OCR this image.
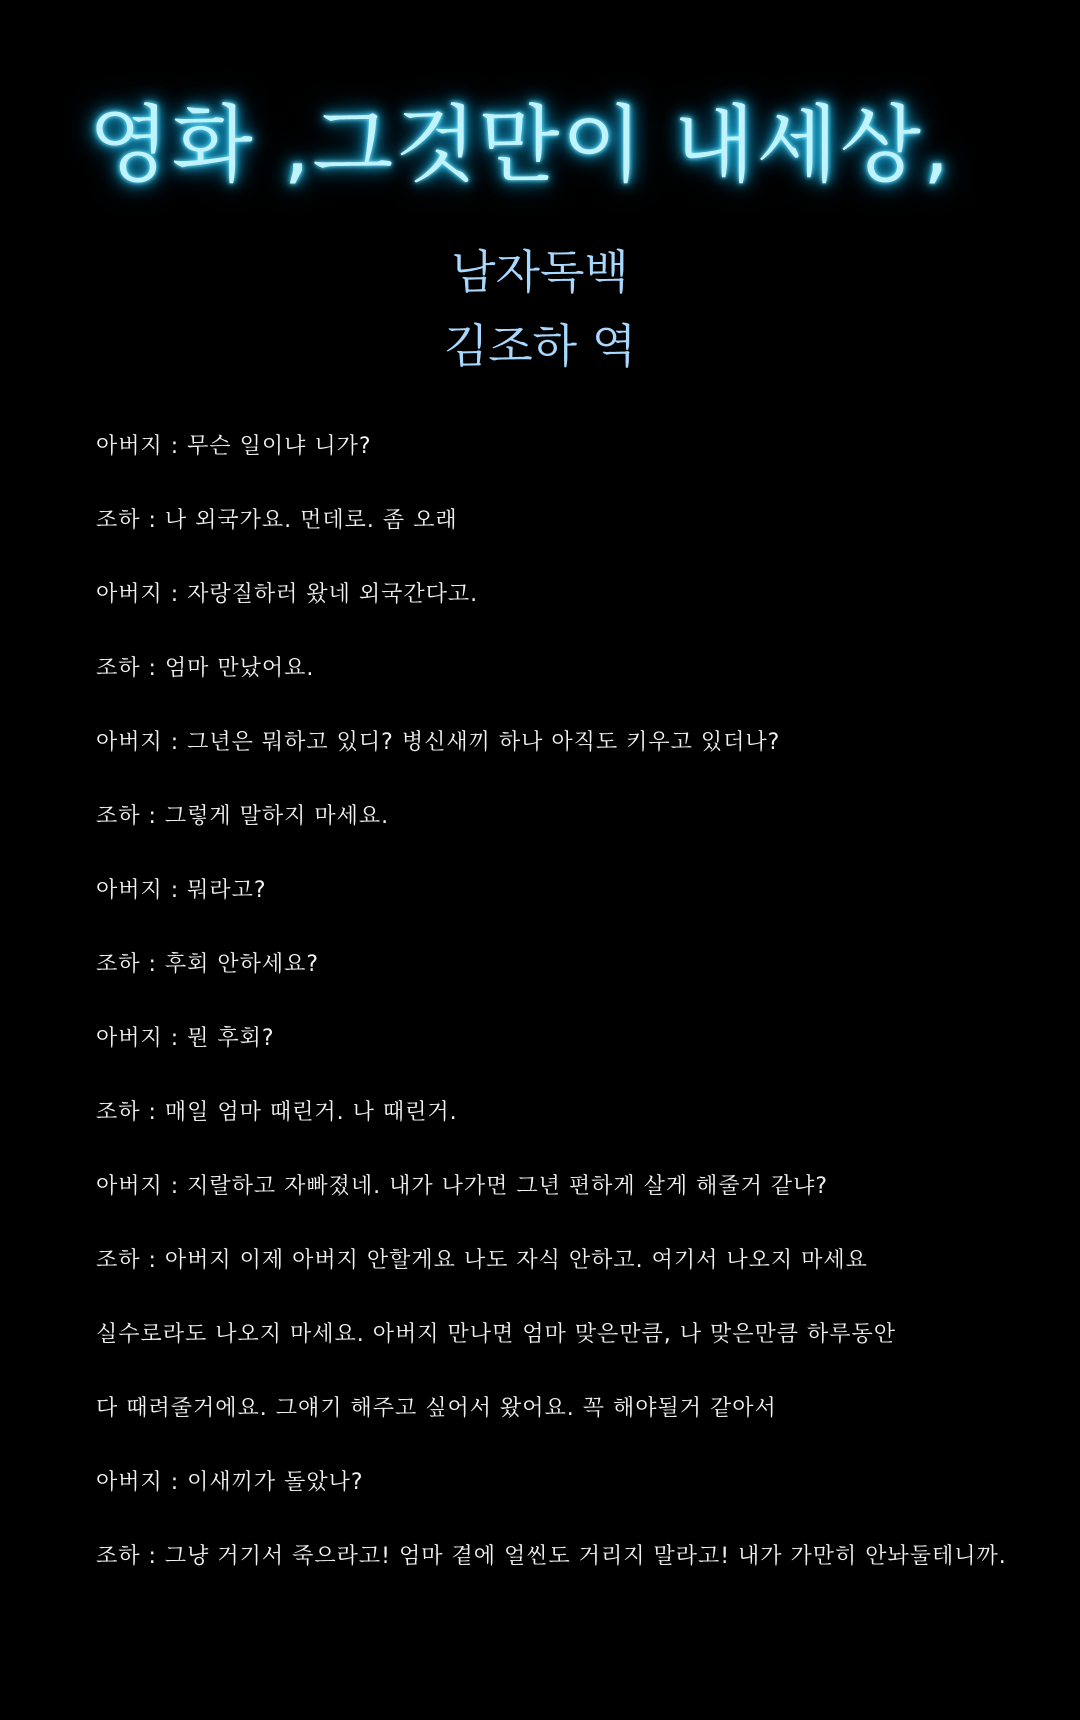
영화 ,그것만이 내세상,
남자독백
김조하 역
아버지 : 무슨 일이냐 니가?
조하 : 나 외국가요. 먼데로. 좀 오래
아버지 : 자랑질하러 왔네 외국간다고.
조하 : 엄마 만났어요.
아버지 : 그년은 뭐하고 있디? 병신새끼 하나 아직도 키우고 있더나?
조하 : 그렇게 말하지 마세요.
아버지 : 뭐라고?
조하 : 후회 안하세요?
아버지 : 뭔 후회?
조하 : 매일 엄마 때린거. 나 때린거.
아버지 : 지랄하고 자빠졌네. 내가 나가면 그년 편하게 살게 해줄거 같냐?
조하 : 아버지 이제 아버지 안할게요 나도 자식 안하고. 여기서 나오지 마세요
실수로라도 나오지 마세요. 아버지 만나면 엄마 맞은만큼, 나 맞은만큼 하루동안
다 때려줄거에요. 그얘기 해주고 싶어서 왔어요. 꼭 해야될거 같아서
아버지 : 이새끼가 돌았나?
조하 : 그냥 거기서 죽으라고! 엄마 곁에 얼씬도 거리지 말라고! 내가 가만히 안놔둘테니까.
